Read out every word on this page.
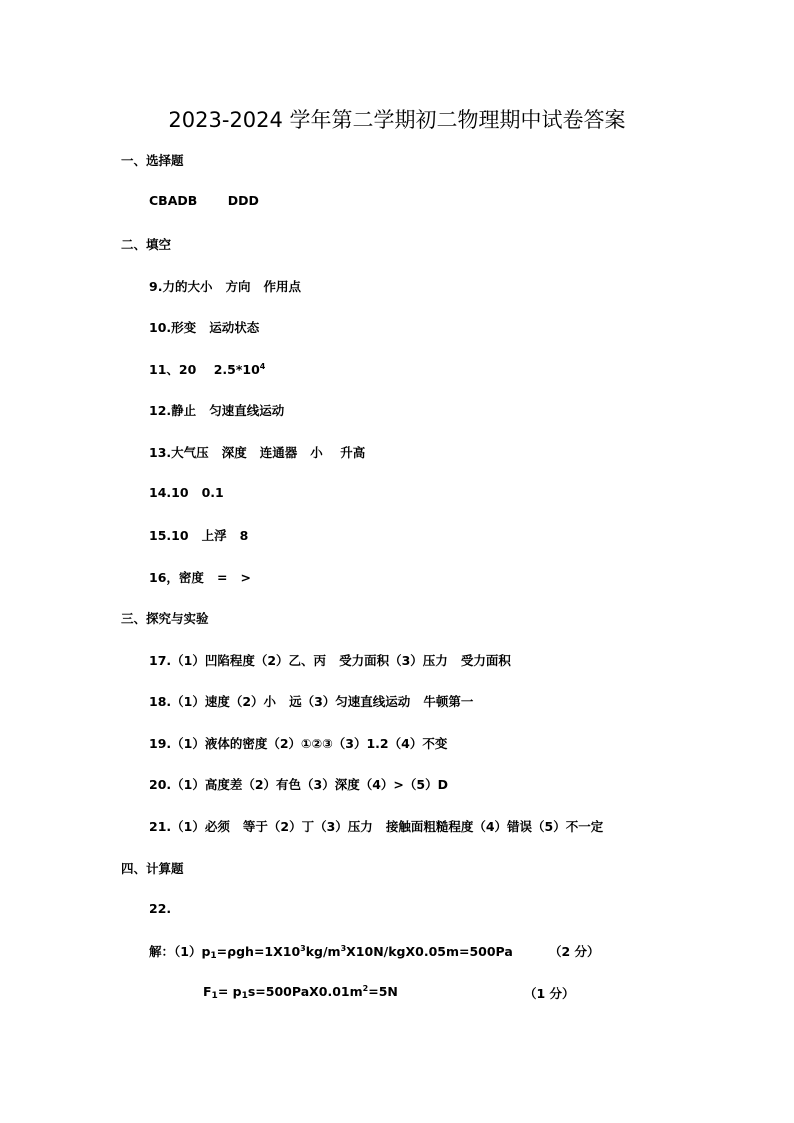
2023-2024 学年第二学期初二物理期中试卷答案
一、选择题
CBADB       DDD
二、填空
9.力的大小   方向   作用点
10.形变   运动状态
11、20    $2.5*10^4$
12.静止   匀速直线运动
13.大气压   深度   连通器   小    升高
14.10   0.1
15.10   上浮   8
16，密度   =   >
三、探究与实验
17.（1）凹陷程度（2）乙、丙   受力面积（3）压力   受力面积
18.（1）速度（2）小   远（3）匀速直线运动   牛顿第一
19.（1）液体的密度（2）①②③（3）1.2（4）不变
20.（1）高度差（2）有色（3）深度（4）>（5）D
21.（1）必须   等于（2）丁（3）压力   接触面粗糙程度（4）错误（5）不一定
四、计算题
22.
解：$(1)p_1=\rho gh=1X10^3kg/m^3X10N/kgX0.05m=500Pa$	（2 分）
$F_1= p_1s=500PaX0.01m^2=5N$	（1 分）
